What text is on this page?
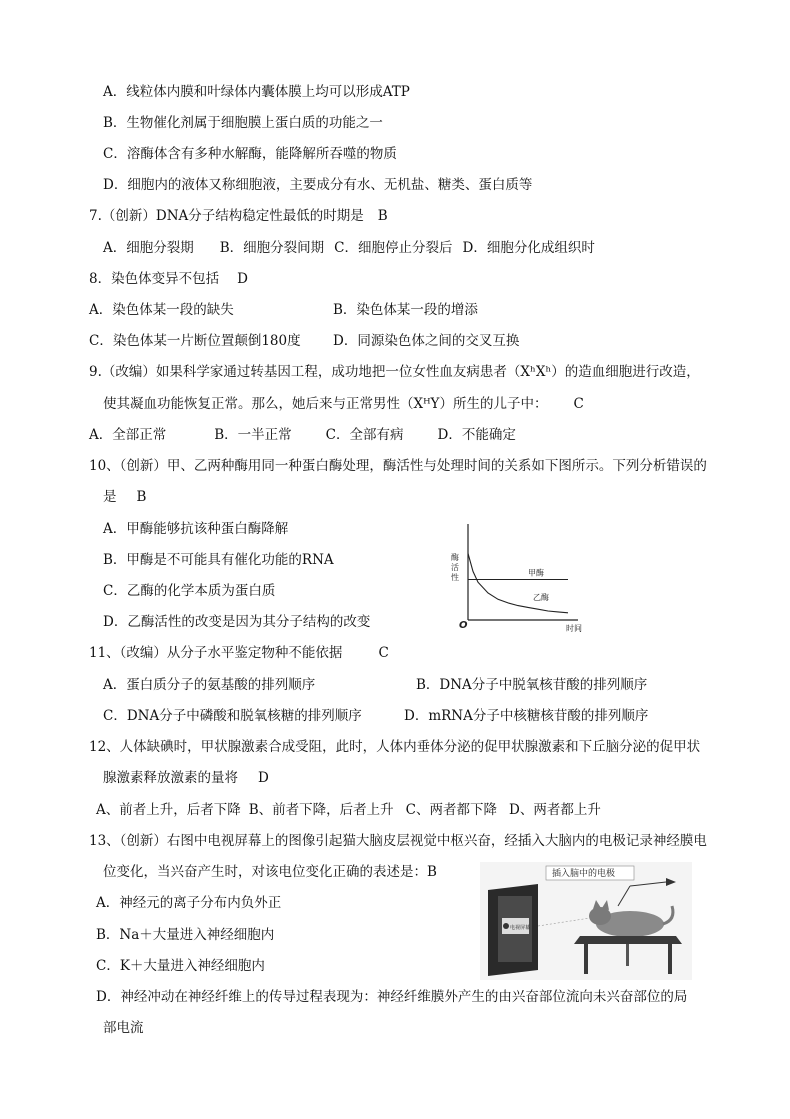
A．线粒体内膜和叶绿体内囊体膜上均可以形成ATP
B．生物催化剂属于细胞膜上蛋白质的功能之一
C．溶酶体含有多种水解酶，能降解所吞噬的物质
D．细胞内的液体又称细胞液，主要成分有水、无机盐、糖类、蛋白质等
7.（创新）DNA分子结构稳定性最低的时期是 B
A．细胞分裂期 B．细胞分裂间期 C．细胞停止分裂后 D．细胞分化成组织时
8．染色体变异不包括 D
A．染色体某一段的缺失	B．染色体某一段的增添
C．染色体某一片断位置颠倒180度 D．同源染色体之间的交叉互换
9.（改编）如果科学家通过转基因工程，成功地把一位女性血友病患者（XʰXʰ）的造血细胞进行改造，
使其凝血功能恢复正常。那么，她后来与正常男性（XᴴY）所生的儿子中： C
A．全部正常	B．一半正常	C．全部有病	D．不能确定
10、（创新）甲、乙两种酶用同一种蛋白酶处理，酶活性与处理时间的关系如下图所示。下列分析错误的
是 B
A．甲酶能够抗该种蛋白酶降解
B．甲酶是不可能具有催化功能的RNA
C．乙酶的化学本质为蛋白质
D．乙酶活性的改变是因为其分子结构的改变
酶
活
性
O	时间
甲酶
乙酶
11、（改编）从分子水平鉴定物种不能依据	C
A．蛋白质分子的氨基酸的排列顺序	B．DNA分子中脱氧核苷酸的排列顺序
C．DNA分子中磷酸和脱氧核糖的排列顺序	D．mRNA分子中核糖核苷酸的排列顺序
12、人体缺碘时，甲状腺激素合成受阻，此时，人体内垂体分泌的促甲状腺激素和下丘脑分泌的促甲状
腺激素释放激素的量将 D
A、前者上升，后者下降 B、前者下降，后者上升 C、两者都下降 D、两者都上升
13、（创新）右图中电视屏幕上的图像引起猫大脑皮层视觉中枢兴奋，经插入大脑内的电极记录神经膜电
位变化，当兴奋产生时，对该电位变化正确的表述是：B
A．神经元的离子分布内负外正
B．Na＋大量进入神经细胞内
C．K＋大量进入神经细胞内
D．神经冲动在神经纤维上的传导过程表现为：神经纤维膜外产生的由兴奋部位流向未兴奋部位的局
部电流
电视屏幕
插入脑中的电极
